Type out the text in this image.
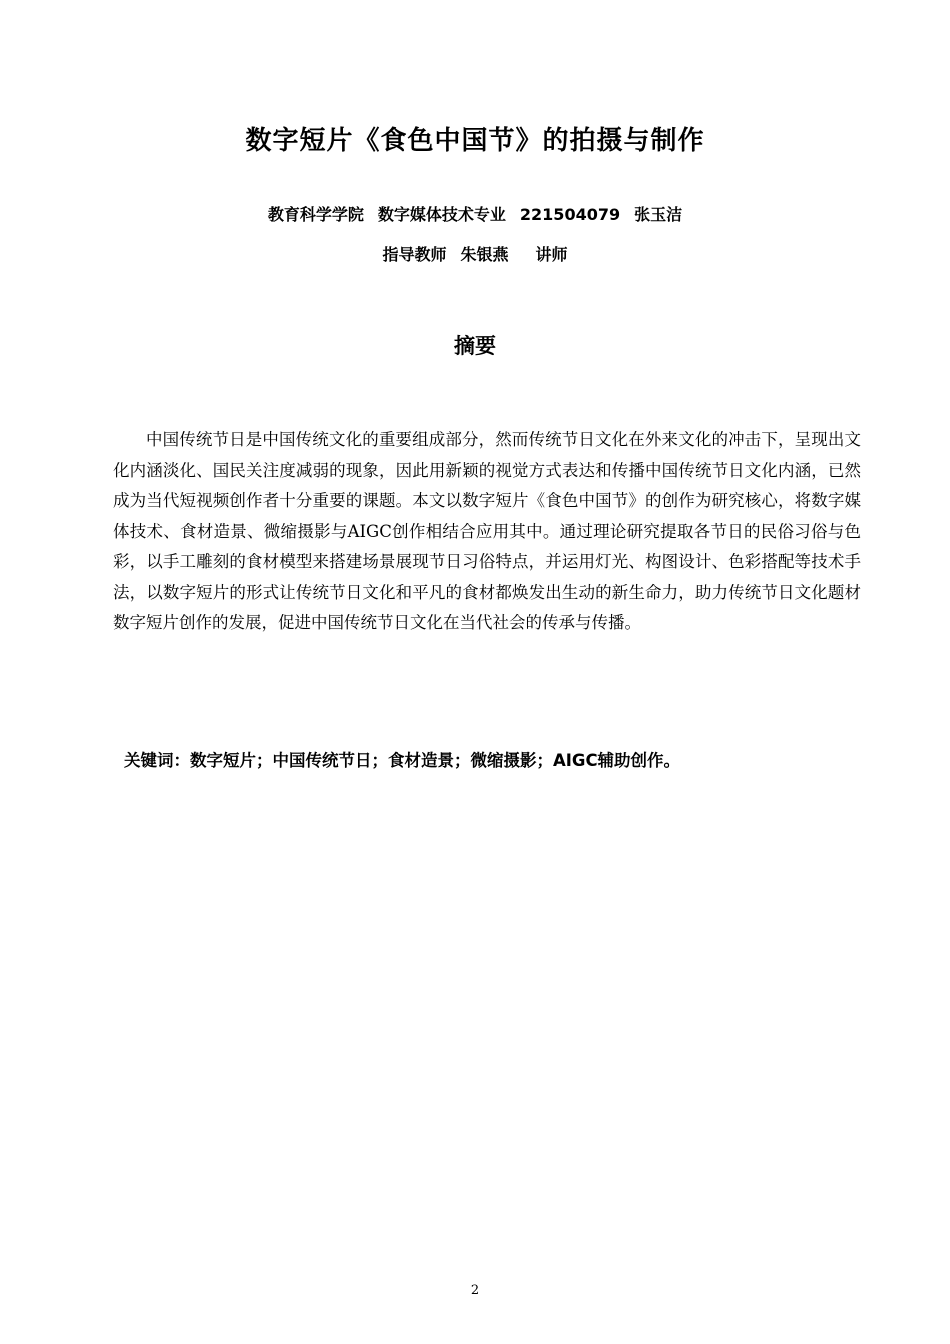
数字短片《食色中国节》的拍摄与制作
教育科学学院 数字媒体技术专业 221504079 张玉洁
指导教师 朱银燕 讲师
摘要

中国传统节日是中国传统文化的重要组成部分，然而传统节日文化在外来文化的冲击下，呈现出文化内涵淡化、国民关注度减弱的现象，因此用新颖的视觉方式表达和传播中国传统节日文化内涵，已然成为当代短视频创作者十分重要的课题。本文以数字短片《食色中国节》的创作为研究核心，将数字媒体技术、食材造景、微缩摄影与AIGC创作相结合应用其中。通过理论研究提取各节日的民俗习俗与色彩，以手工雕刻的食材模型来搭建场景展现节日习俗特点，并运用灯光、构图设计、色彩搭配等技术手法，以数字短片的形式让传统节日文化和平凡的食材都焕发出生动的新生命力，助力传统节日文化题材数字短片创作的发展，促进中国传统节日文化在当代社会的传承与传播。

关键词：数字短片；中国传统节日；食材造景；微缩摄影；AIGC辅助创作。

2
